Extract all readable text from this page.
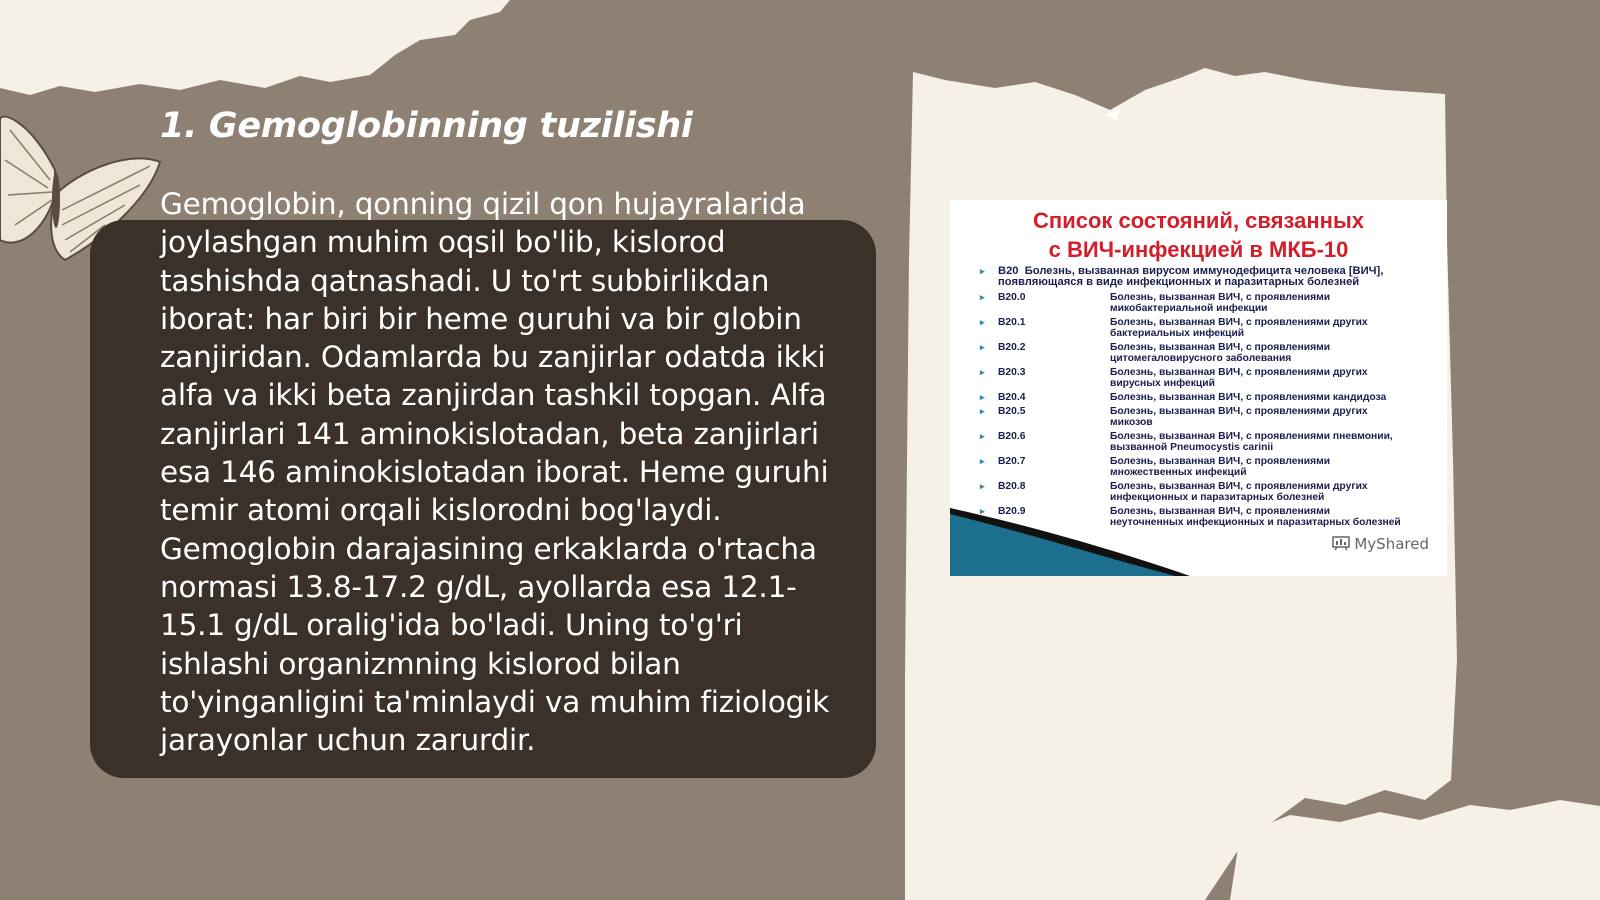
1. Gemoglobinning tuzilishi

Gemoglobin, qonning qizil qon hujayralarida joylashgan muhim oqsil bo'lib, kislorod tashishda qatnashadi. U to'rt subbirlikdan iborat: har biri bir heme guruhi va bir globin zanjiridan. Odamlarda bu zanjirlar odatda ikki alfa va ikki beta zanjirdan tashkil topgan. Alfa zanjirlari 141 aminokislotadan, beta zanjirlari esa 146 aminokislotadan iborat. Heme guruhi temir atomi orqali kislorodni bog'laydi. Gemoglobin darajasining erkaklarda o'rtacha normasi 13.8-17.2 g/dL, ayollarda esa 12.1-15.1 g/dL oralig'ida bo'ladi. Uning to'g'ri ishlashi organizmning kislorod bilan to'yinganligini ta'minlaydi va muhim fiziologik jarayonlar uchun zarurdir.

Список состояний, связанных
с ВИЧ-инфекцией в МКБ-10
▸ B20 Болезнь, вызванная вирусом иммунодефицита человека [ВИЧ], появляющаяся в виде инфекционных и паразитарных болезней
▸ B20.0	Болезнь, вызванная ВИЧ, с проявлениями
микобактериальной инфекции
▸ B20.1	Болезнь, вызванная ВИЧ, с проявлениями других
бактериальных инфекций
▸ B20.2	Болезнь, вызванная ВИЧ, с проявлениями
цитомегаловирусного заболевания
▸ B20.3	Болезнь, вызванная ВИЧ, с проявлениями других
вирусных инфекций
▸ B20.4	Болезнь, вызванная ВИЧ, с проявлениями кандидоза
▸ B20.5	Болезнь, вызванная ВИЧ, с проявлениями других
микозов
▸ B20.6	Болезнь, вызванная ВИЧ, с проявлениями пневмонии,
вызванной Pneumocystis carinii
▸ B20.7	Болезнь, вызванная ВИЧ, с проявлениями
множественных инфекций
▸ B20.8	Болезнь, вызванная ВИЧ, с проявлениями других
инфекционных и паразитарных болезней
▸ B20.9	Болезнь, вызванная ВИЧ, с проявлениями
неуточненных инфекционных и паразитарных болезней
MyShared
